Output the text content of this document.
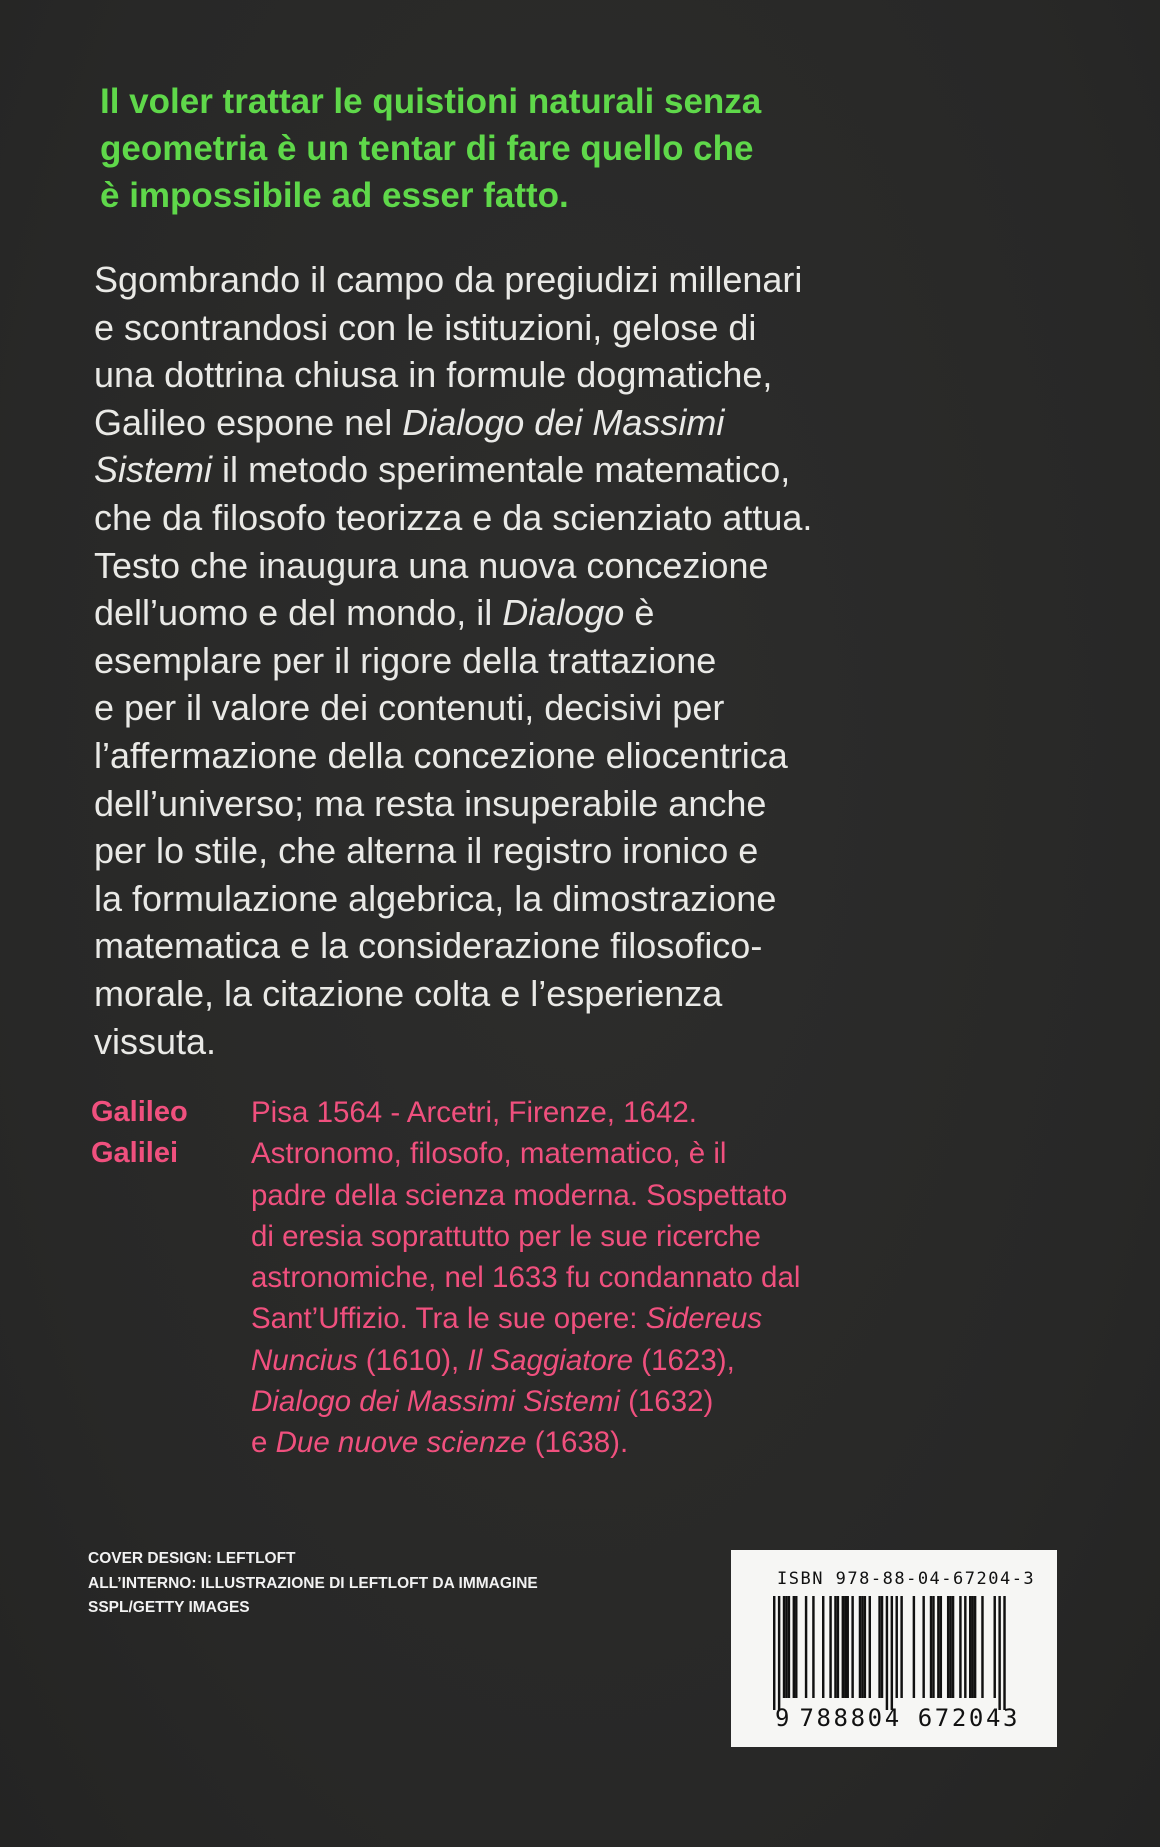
Il voler trattar le quistioni naturali senza
geometria è un tentar di fare quello che
è impossibile ad esser fatto.
Sgombrando il campo da pregiudizi millenari
e scontrandosi con le istituzioni, gelose di
una dottrina chiusa in formule dogmatiche,
Galileo espone nel Dialogo dei Massimi
Sistemi il metodo sperimentale matematico,
che da filosofo teorizza e da scienziato attua.
Testo che inaugura una nuova concezione
dell’uomo e del mondo, il Dialogo è
esemplare per il rigore della trattazione
e per il valore dei contenuti, decisivi per
l’affermazione della concezione eliocentrica
dell’universo; ma resta insuperabile anche
per lo stile, che alterna il registro ironico e
la formulazione algebrica, la dimostrazione
matematica e la considerazione filosofico-
morale, la citazione colta e l’esperienza
vissuta.
Galileo
Galilei
Pisa 1564 - Arcetri, Firenze, 1642.
Astronomo, filosofo, matematico, è il
padre della scienza moderna. Sospettato
di eresia soprattutto per le sue ricerche
astronomiche, nel 1633 fu condannato dal
Sant’Uffizio. Tra le sue opere: Sidereus
Nuncius (1610), Il Saggiatore (1623),
Dialogo dei Massimi Sistemi (1632)
e Due nuove scienze (1638).
COVER DESIGN: LEFTLOFT
ALL’INTERNO: ILLUSTRAZIONE DI LEFTLOFT DA IMMAGINE
SSPL/GETTY IMAGES
ISBN 978-88-04-67204-3
9 788804 672043
